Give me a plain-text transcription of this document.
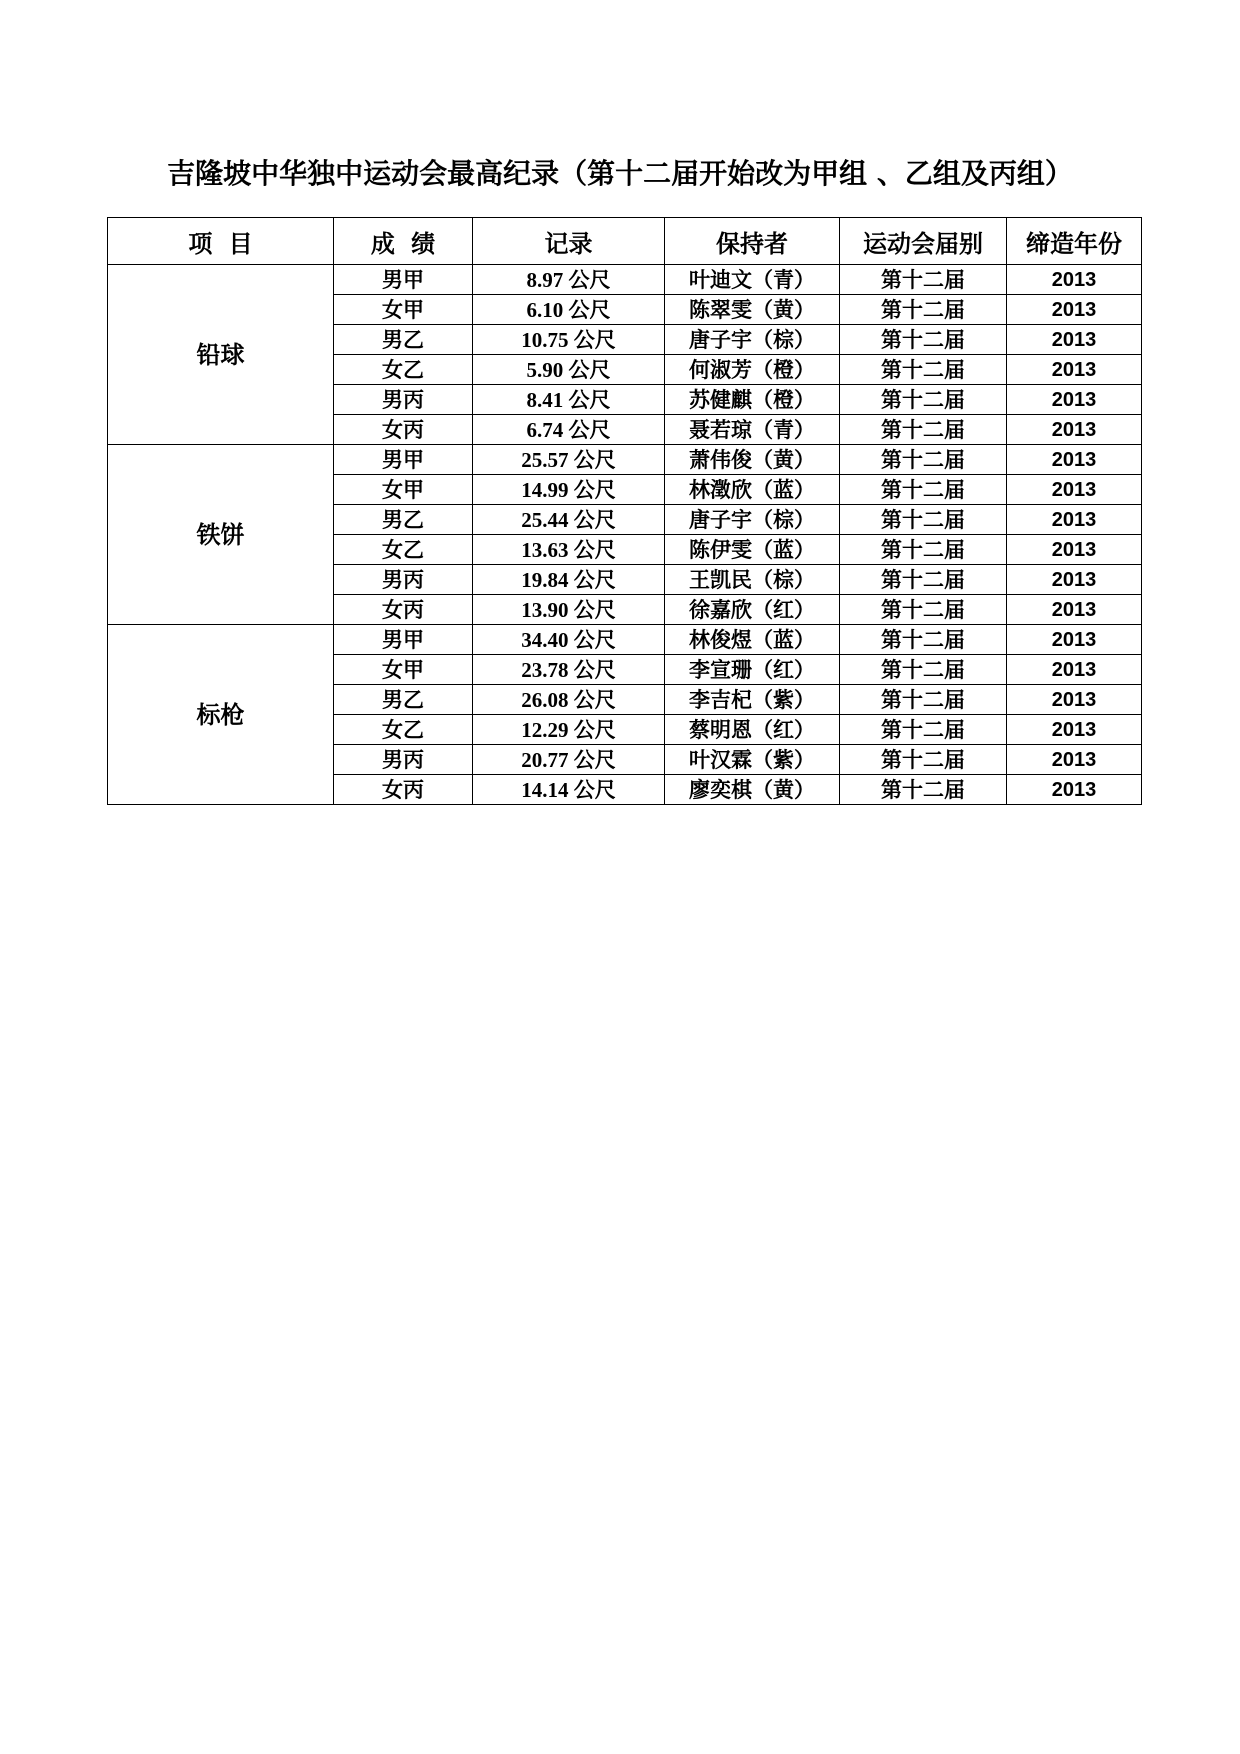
吉隆坡中华独中运动会最高纪录（第十二届开始改为甲组 、乙组及丙组）
项 目	成 绩	记录	保持者	运动会届别	缔造年份
铅球	男甲	8.97 公尺	叶迪文（青）	第十二届	2013
	女甲	6.10 公尺	陈翠雯（黄）	第十二届	2013
	男乙	10.75 公尺	唐子宇（棕）	第十二届	2013
	女乙	5.90 公尺	何淑芳（橙）	第十二届	2013
	男丙	8.41 公尺	苏健麒（橙）	第十二届	2013
	女丙	6.74 公尺	聂若琼（青）	第十二届	2013
铁饼	男甲	25.57 公尺	萧伟俊（黄）	第十二届	2013
	女甲	14.99 公尺	林澂欣（蓝）	第十二届	2013
	男乙	25.44 公尺	唐子宇（棕）	第十二届	2013
	女乙	13.63 公尺	陈伊雯（蓝）	第十二届	2013
	男丙	19.84 公尺	王凯民（棕）	第十二届	2013
	女丙	13.90 公尺	徐嘉欣（红）	第十二届	2013
标枪	男甲	34.40 公尺	林俊煜（蓝）	第十二届	2013
	女甲	23.78 公尺	李宣珊（红）	第十二届	2013
	男乙	26.08 公尺	李吉杞（紫）	第十二届	2013
	女乙	12.29 公尺	蔡明恩（红）	第十二届	2013
	男丙	20.77 公尺	叶汉霖（紫）	第十二届	2013
	女丙	14.14 公尺	廖奕棋（黄）	第十二届	2013
